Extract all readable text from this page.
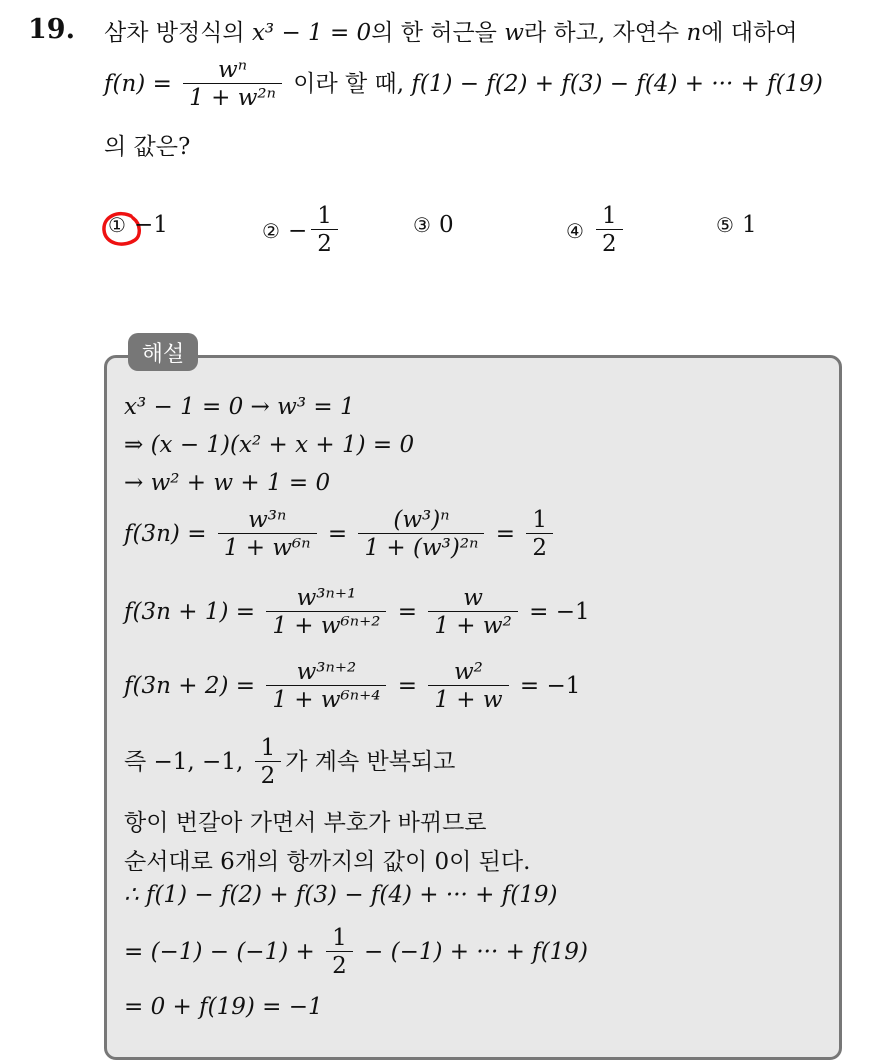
19. 삼차 방정식의 x³ − 1 = 0의 한 허근을 w라 하고, 자연수 n에 대하여
$f(n) = \frac{\text{wⁿ}}{\text{1 + w²ⁿ}}$ 이라 할 때, f(1) − f(2) + f(3) − f(4) + ··· + f(19)
의 값은?
① −1	② − $\frac{1}{2}$	③ 0	④ $\frac{1}{2}$	⑤ 1
해설
x³ − 1 = 0 → w³ = 1
⇒ (x − 1)(x² + x + 1) = 0
→ w² + w + 1 = 0
$f(3n) = \frac{\text{w³ⁿ}}{\text{1 + w⁶ⁿ}} = \frac{\text{(w³)ⁿ}}{\text{1 + (w³)²ⁿ}} = \frac{1}{2}$
$f(3n + 1) = \frac{\text{w³ⁿ⁺¹}}{\text{1 + w⁶ⁿ⁺²}} = \frac{w}{\text{1 + w²}} = -1$
$f(3n + 2) = \frac{\text{w³ⁿ⁺²}}{\text{1 + w⁶ⁿ⁺⁴}} = \frac{\text{w²}}{1 + w} = -1$
즉 −1, −1, $\frac{1}{2}$ 가 계속 반복되고
항이 번갈아 가면서 부호가 바뀌므로
순서대로 6개의 항까지의 값이 0이 된다.
∴ f(1) − f(2) + f(3) − f(4) + ··· + f(19)
= $(-1) - (-1) + \frac{1}{2} - (-1)$ + ··· + f(19)
= 0 + f(19) = −1
